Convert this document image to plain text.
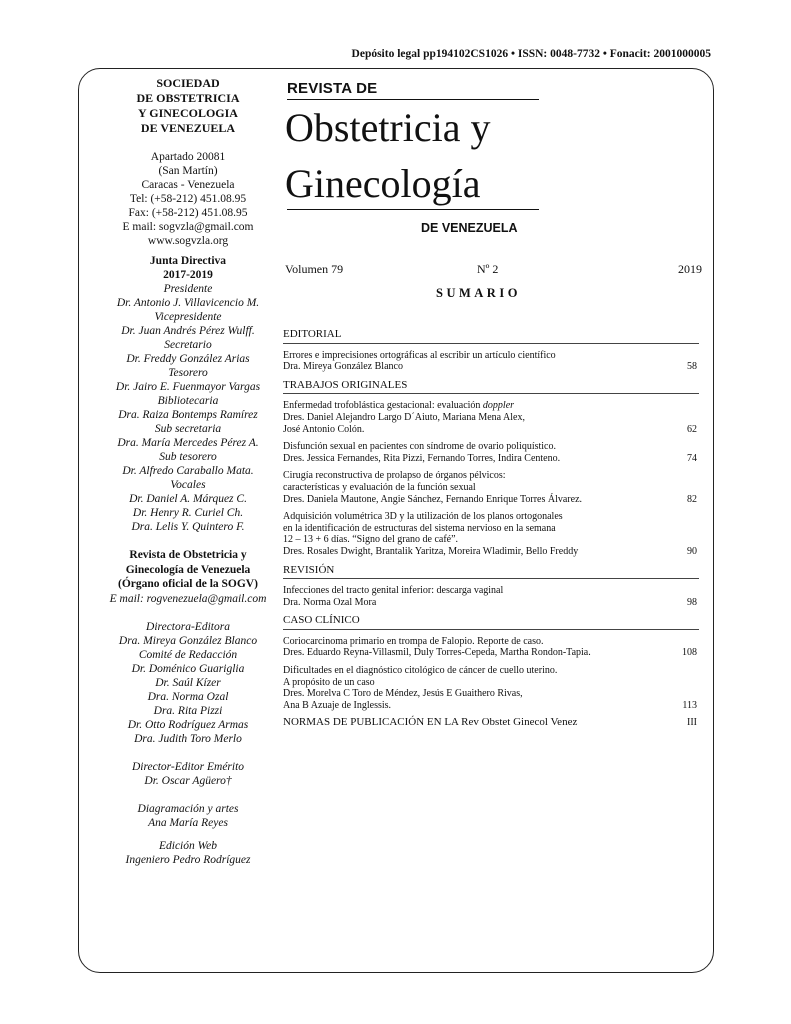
Depósito legal pp194102CS1026 • ISSN: 0048-7732 • Fonacit: 2001000005
SOCIEDAD
DE OBSTETRICIA
Y GINECOLOGIA
DE VENEZUELA
Apartado 20081
(San Martín)
Caracas - Venezuela
Tel: (+58-212) 451.08.95
Fax: (+58-212) 451.08.95
E mail: sogvzla@gmail.com
www.sogvzla.org
Junta Directiva
2017-2019
Presidente
Dr. Antonio J. Villavicencio M.
Vicepresidente
Dr. Juan Andrés Pérez Wulff.
Secretario
Dr. Freddy González Arias
Tesorero
Dr. Jairo E. Fuenmayor Vargas
Bibliotecaria
Dra. Raiza Bontemps Ramírez
Sub secretaria
Dra. María Mercedes Pérez A.
Sub tesorero
Dr. Alfredo Caraballo Mata.
Vocales
Dr. Daniel A. Márquez C.
Dr. Henry R. Curiel Ch.
Dra. Lelis Y. Quintero F.
Revista de Obstetricia y
Ginecología de Venezuela
(Órgano oficial de la SOGV)
E mail: rogvenezuela@gmail.com
Directora-Editora
Dra. Mireya González Blanco
Comité de Redacción
Dr. Doménico Guariglia
Dr. Saúl Kízer
Dra. Norma Ozal
Dra. Rita Pizzi
Dr. Otto Rodríguez Armas
Dra. Judith Toro Merlo
Director-Editor Emérito
Dr. Oscar Agüero†
Diagramación y artes
Ana María Reyes
Edición Web
Ingeniero Pedro Rodríguez
REVISTA DE
Obstetricia y
Ginecología
DE VENEZUELA
Volumen 79	Nº 2	2019
SUMARIO
EDITORIAL
Errores e imprecisiones ortográficas al escribir un artículo científico
Dra. Mireya González Blanco	58
TRABAJOS ORIGINALES
Enfermedad trofoblástica gestacional: evaluación doppler
Dres. Daniel Alejandro Largo D´Aiuto, Mariana Mena Alex,
José Antonio Colón.	62
Disfunción sexual en pacientes con síndrome de ovario poliquístico.
Dres. Jessica Fernandes, Rita Pizzi, Fernando Torres, Indira Centeno.	74
Cirugía reconstructiva de prolapso de órganos pélvicos:
características y evaluación de la función sexual
Dres. Daniela Mautone, Angie Sánchez, Fernando Enrique Torres Álvarez.	82
Adquisición volumétrica 3D y la utilización de los planos ortogonales
en la identificación de estructuras del sistema nervioso en la semana
12 – 13 + 6 días. “Signo del grano de café”.
Dres. Rosales Dwight, Brantalik Yaritza, Moreira Wladimir, Bello Freddy	90
REVISIÓN
Infecciones del tracto genital inferior: descarga vaginal
Dra. Norma Ozal Mora	98
CASO CLÍNICO
Coriocarcinoma primario en trompa de Falopio. Reporte de caso.
Dres. Eduardo Reyna-Villasmil, Duly Torres-Cepeda, Martha Rondon-Tapia.	108
Dificultades en el diagnóstico citológico de cáncer de cuello uterino.
A propósito de un caso
Dres. Morelva C Toro de Méndez, Jesús E Guaithero Rivas,
Ana B Azuaje de Inglessis.	113
NORMAS DE PUBLICACIÓN EN LA Rev Obstet Ginecol Venez	III
